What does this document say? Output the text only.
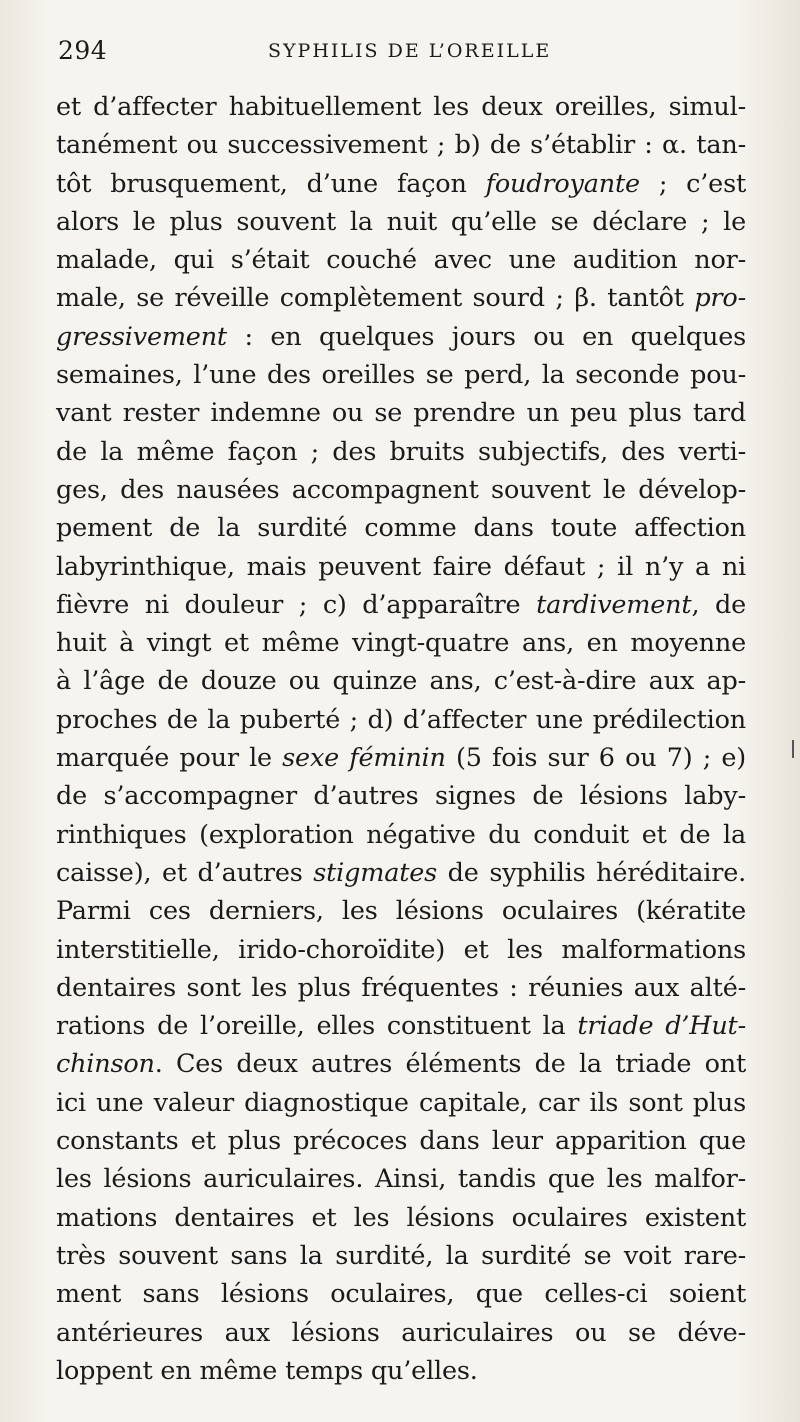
294	SYPHILIS DE L’OREILLE
et d’affecter habituellement les deux oreilles, simul-
tanément ou successivement ; b) de s’établir : α. tan-
tôt brusquement, d’une façon foudroyante ; c’est
alors le plus souvent la nuit qu’elle se déclare ; le
malade, qui s’était couché avec une audition nor-
male, se réveille complètement sourd ; β. tantôt pro-
gressivement : en quelques jours ou en quelques
semaines, l’une des oreilles se perd, la seconde pou-
vant rester indemne ou se prendre un peu plus tard
de la même façon ; des bruits subjectifs, des verti-
ges, des nausées accompagnent souvent le dévelop-
pement de la surdité comme dans toute affection
labyrinthique, mais peuvent faire défaut ; il n’y a ni
fièvre ni douleur ; c) d’apparaître tardivement, de
huit à vingt et même vingt-quatre ans, en moyenne
à l’âge de douze ou quinze ans, c’est-à-dire aux ap-
proches de la puberté ; d) d’affecter une prédilection
marquée pour le sexe féminin (5 fois sur 6 ou 7) ; e)
de s’accompagner d’autres signes de lésions laby-
rinthiques (exploration négative du conduit et de la
caisse), et d’autres stigmates de syphilis héréditaire.
Parmi ces derniers, les lésions oculaires (kératite
interstitielle, irido-choroïdite) et les malformations
dentaires sont les plus fréquentes : réunies aux alté-
rations de l’oreille, elles constituent la triade d’Hut-
chinson. Ces deux autres éléments de la triade ont
ici une valeur diagnostique capitale, car ils sont plus
constants et plus précoces dans leur apparition que
les lésions auriculaires. Ainsi, tandis que les malfor-
mations dentaires et les lésions oculaires existent
très souvent sans la surdité, la surdité se voit rare-
ment sans lésions oculaires, que celles-ci soient
antérieures aux lésions auriculaires ou se déve-
loppent en même temps qu’elles.
